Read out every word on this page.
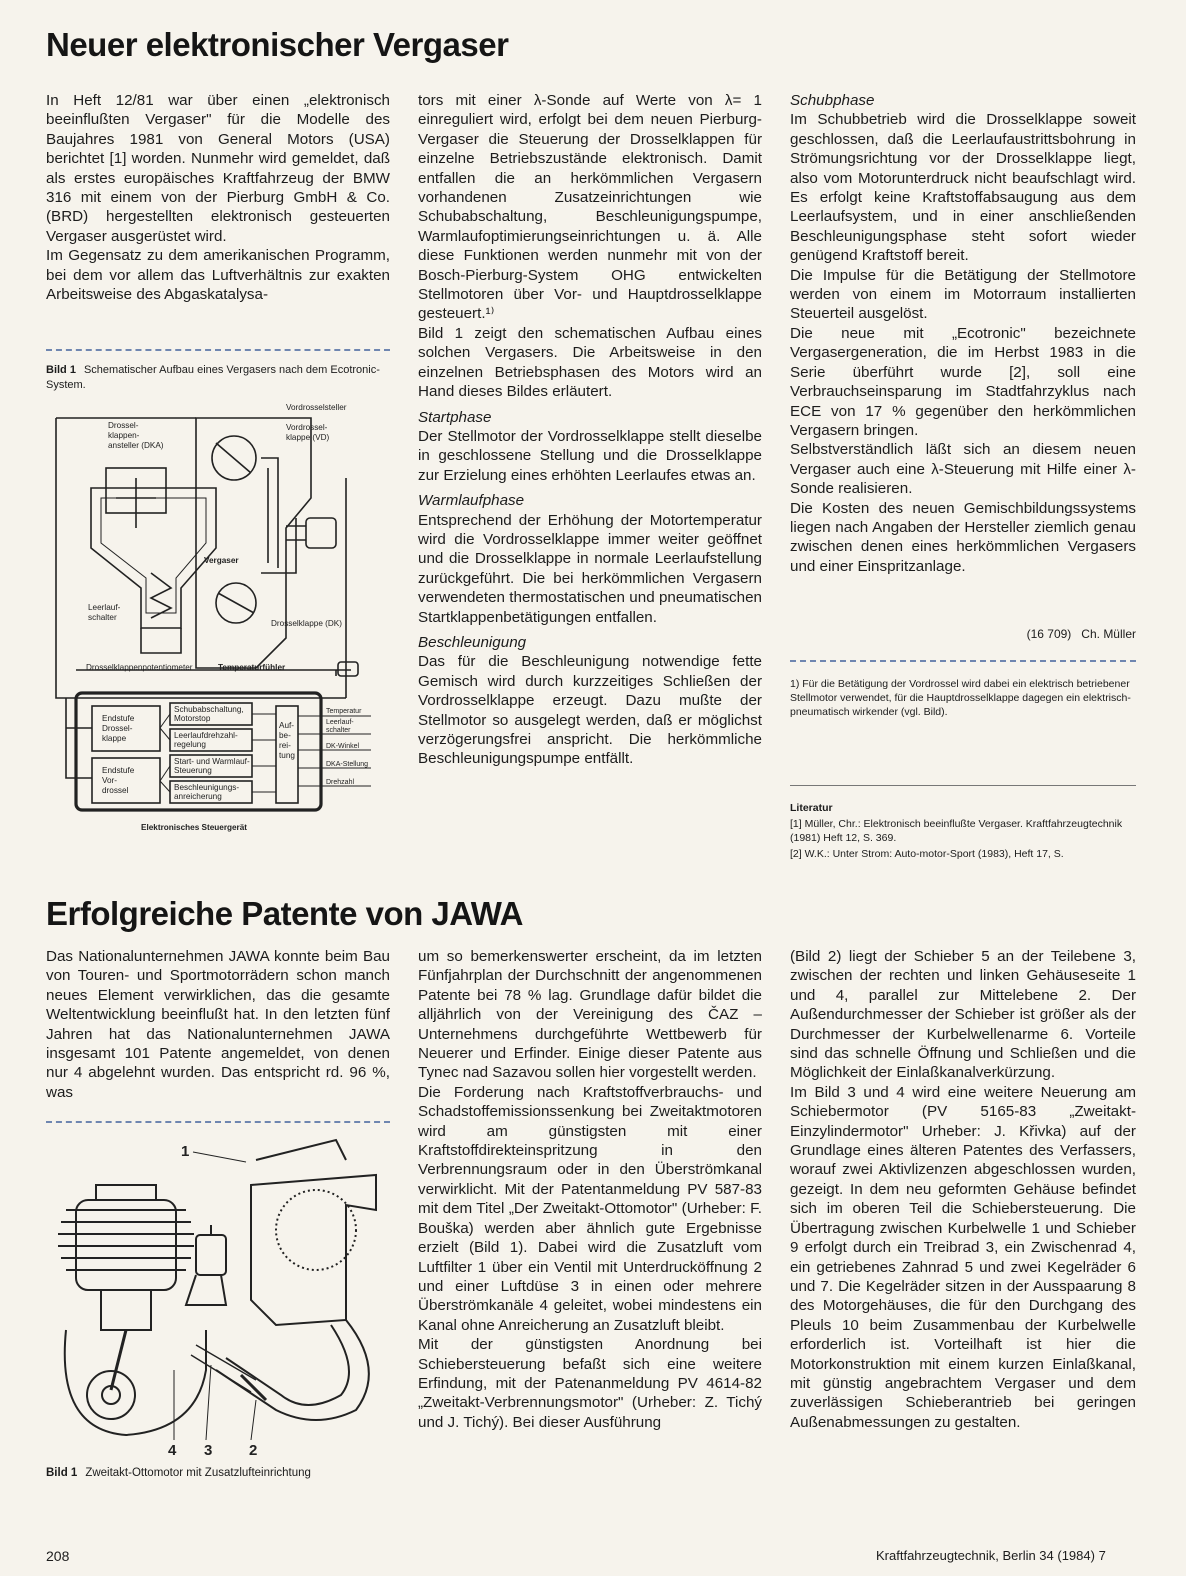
Neuer elektronischer Vergaser

In Heft 12/81 war über einen „elektronisch beeinflußten Vergaser" für die Modelle des Baujahres 1981 von General Motors (USA) berichtet [1] worden. Nunmehr wird gemeldet, daß als erstes europäisches Kraftfahrzeug der BMW 316 mit einem von der Pierburg GmbH & Co. (BRD) hergestellten elektronisch gesteuerten Vergaser ausgerüstet wird.

Im Gegensatz zu dem amerikanischen Programm, bei dem vor allem das Luftverhältnis zur exakten Arbeitsweise des Abgaskatalysa-

Bild 1 Schematischer Aufbau eines Vergasers nach dem Ecotronic-System.
Vordrosselsteller
Drossel-
klappen-
ansteller (DKA)
Vordrossel-
klappe (VD)
Vergaser
Leerlauf-
schalter
Drosselklappe (DK)
Drosselklappenpotentiometer	Temperaturfühler
Endstufe
Drossel-
klappe
Endstufe
Vor-
drossel
Schubabschaltung,
Motorstop
Leerlaufdrehzahl-
regelung
Start- und Warmlauf-
Steuerung
Beschleunigungs-
anreicherung
Auf-
be-
rei-
tung
Temperatur
Leerlauf-
schalter
DK-Winkel
DKA-Stellung
Drehzahl
Elektronisches Steuergerät

tors mit einer λ-Sonde auf Werte von λ= 1 einreguliert wird, erfolgt bei dem neuen Pierburg-Vergaser die Steuerung der Drosselklappen für einzelne Betriebszustände elektronisch. Damit entfallen die an herkömmlichen Vergasern vorhandenen Zusatzeinrichtungen wie Schubabschaltung, Beschleunigungspumpe, Warmlaufoptimierungseinrichtungen u. ä. Alle diese Funktionen werden nunmehr mit von der Bosch-Pierburg-System OHG entwickelten Stellmotoren über Vor- und Hauptdrosselklappe gesteuert.¹⁾

Bild 1 zeigt den schematischen Aufbau eines solchen Vergasers. Die Arbeitsweise in den einzelnen Betriebsphasen des Motors wird an Hand dieses Bildes erläutert.

Startphase

Der Stellmotor der Vordrosselklappe stellt dieselbe in geschlossene Stellung und die Drosselklappe zur Erzielung eines erhöhten Leerlaufes etwas an.

Warmlaufphase

Entsprechend der Erhöhung der Motortemperatur wird die Vordrosselklappe immer weiter geöffnet und die Drosselklappe in normale Leerlaufstellung zurückgeführt. Die bei herkömmlichen Vergasern verwendeten thermostatischen und pneumatischen Startklappenbetätigungen entfallen.

Beschleunigung

Das für die Beschleunigung notwendige fette Gemisch wird durch kurzzeitiges Schließen der Vordrosselklappe erzeugt. Dazu mußte der Stellmotor so ausgelegt werden, daß er möglichst verzögerungsfrei anspricht. Die herkömmliche Beschleunigungspumpe entfällt.

Schubphase

Im Schubbetrieb wird die Drosselklappe soweit geschlossen, daß die Leerlaufaustrittsbohrung in Strömungsrichtung vor der Drosselklappe liegt, also vom Motorunterdruck nicht beaufschlagt wird. Es erfolgt keine Kraftstoffabsaugung aus dem Leerlaufsystem, und in einer anschließenden Beschleunigungsphase steht sofort wieder genügend Kraftstoff bereit.

Die Impulse für die Betätigung der Stellmotore werden von einem im Motorraum installierten Steuerteil ausgelöst.

Die neue mit „Ecotronic" bezeichnete Vergasergeneration, die im Herbst 1983 in die Serie überführt wurde [2], soll eine Verbrauchseinsparung im Stadtfahrzyklus nach ECE von 17 % gegenüber den herkömmlichen Vergasern bringen.

Selbstverständlich läßt sich an diesem neuen Vergaser auch eine λ-Steuerung mit Hilfe einer λ-Sonde realisieren.

Die Kosten des neuen Gemischbildungssystems liegen nach Angaben der Hersteller ziemlich genau zwischen denen eines herkömmlichen Vergasers und einer Einspritzanlage.

(16 709)   Ch. Müller
1) Für die Betätigung der Vordrossel wird dabei ein elektrisch betriebener Stellmotor verwendet, für die Hauptdrosselklappe dagegen ein elektrisch-pneumatisch wirkender (vgl. Bild).
Literatur
[1] Müller, Chr.: Elektronisch beeinflußte Vergaser. Kraftfahrzeugtechnik (1981) Heft 12, S. 369.
[2] W.K.: Unter Strom: Auto-motor-Sport (1983), Heft 17, S.
Erfolgreiche Patente von JAWA

Das Nationalunternehmen JAWA konnte beim Bau von Touren- und Sportmotorrädern schon manch neues Element verwirklichen, das die gesamte Weltentwicklung beeinflußt hat. In den letzten fünf Jahren hat das Nationalunternehmen JAWA insgesamt 101 Patente angemeldet, von denen nur 4 abgelehnt wurden. Das entspricht rd. 96 %, was

1
4 3 2
Bild 1 Zweitakt-Ottomotor mit Zusatzlufteinrichtung

um so bemerkenswerter erscheint, da im letzten Fünfjahrplan der Durchschnitt der angenommenen Patente bei 78 % lag. Grundlage dafür bildet die alljährlich von der Vereinigung des ČAZ – Unternehmens durchgeführte Wettbewerb für Neuerer und Erfinder. Einige dieser Patente aus Tynec nad Sazavou sollen hier vorgestellt werden.

Die Forderung nach Kraftstoffverbrauchs- und Schadstoffemissionssenkung bei Zweitaktmotoren wird am günstigsten mit einer Kraftstoffdirekteinspritzung in den Verbrennungsraum oder in den Überströmkanal verwirklicht. Mit der Patentanmeldung PV 587-83 mit dem Titel „Der Zweitakt-Ottomotor" (Urheber: F. Bouška) werden aber ähnlich gute Ergebnisse erzielt (Bild 1). Dabei wird die Zusatzluft vom Luftfilter 1 über ein Ventil mit Unterdrucköffnung 2 und einer Luftdüse 3 in einen oder mehrere Überströmkanäle 4 geleitet, wobei mindestens ein Kanal ohne Anreicherung an Zusatzluft bleibt.

Mit der günstigsten Anordnung bei Schiebersteuerung befaßt sich eine weitere Erfindung, mit der Patenanmeldung PV 4614-82 „Zweitakt-Verbrennungsmotor" (Urheber: Z. Tichý und J. Tichý). Bei dieser Ausführung

(Bild 2) liegt der Schieber 5 an der Teilebene 3, zwischen der rechten und linken Gehäuseseite 1 und 4, parallel zur Mittelebene 2. Der Außendurchmesser der Schieber ist größer als der Durchmesser der Kurbelwellenarme 6. Vorteile sind das schnelle Öffnung und Schließen und die Möglichkeit der Einlaßkanalverkürzung.

Im Bild 3 und 4 wird eine weitere Neuerung am Schiebermotor (PV 5165-83 „Zweitakt-Einzylindermotor" Urheber: J. Křivka) auf der Grundlage eines älteren Patentes des Verfassers, worauf zwei Aktivlizenzen abgeschlossen wurden, gezeigt. In dem neu geformten Gehäuse befindet sich im oberen Teil die Schiebersteuerung. Die Übertragung zwischen Kurbelwelle 1 und Schieber 9 erfolgt durch ein Treibrad 3, ein Zwischenrad 4, ein getriebenes Zahnrad 5 und zwei Kegelräder 6 und 7. Die Kegelräder sitzen in der Ausspaarung 8 des Motorgehäuses, die für den Durchgang des Pleuls 10 beim Zusammenbau der Kurbelwelle erforderlich ist. Vorteilhaft ist hier die Motorkonstruktion mit einem kurzen Einlaßkanal, mit günstig angebrachtem Vergaser und dem zuverlässigen Schieberantrieb bei geringen Außenabmessungen zu gestalten.

208	Kraftfahrzeugtechnik, Berlin 34 (1984) 7
